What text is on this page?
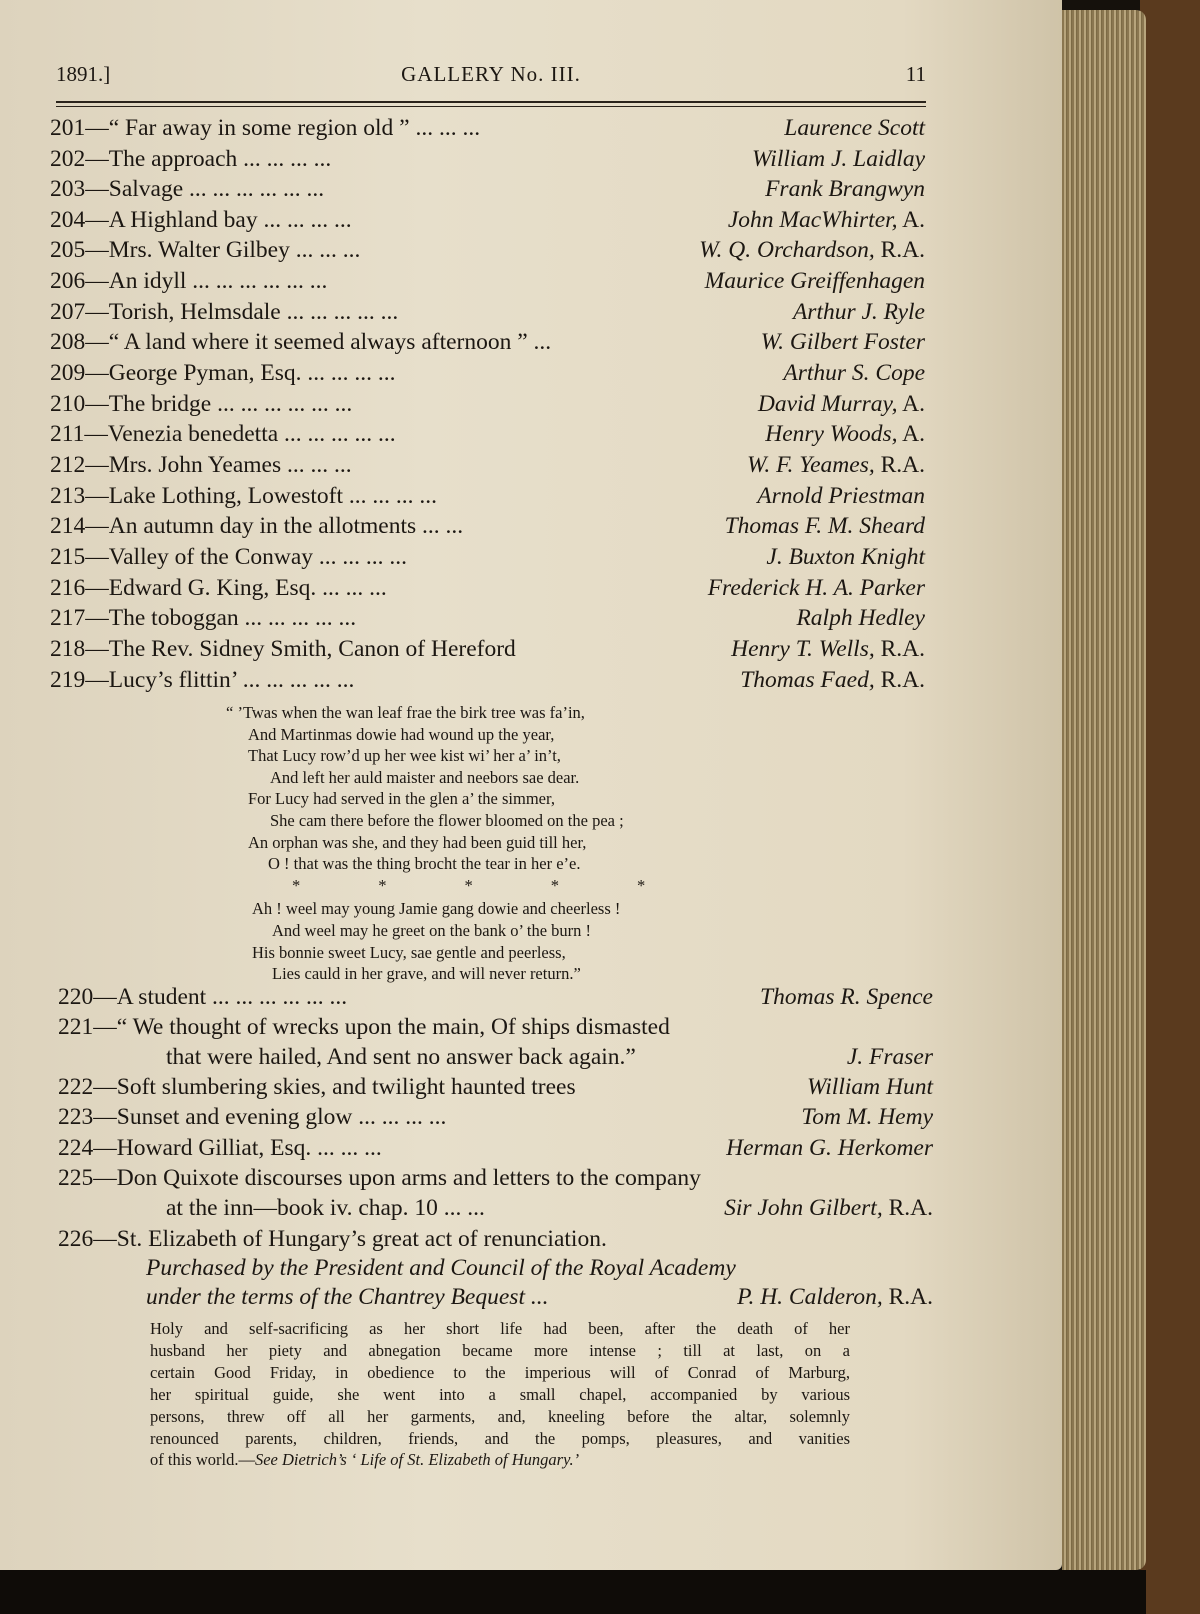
1891.]	GALLERY No. III.	11
201—“ Far away in some region old ” ... ... ...	Laurence Scott
202—The approach ... ... ... ...	William J. Laidlay
203—Salvage ... ... ... ... ... ...	Frank Brangwyn
204—A Highland bay ... ... ... ...	John MacWhirter, A.
205—Mrs. Walter Gilbey ... ... ...	W. Q. Orchardson, R.A.
206—An idyll ... ... ... ... ... ...	Maurice Greiffenhagen
207—Torish, Helmsdale ... ... ... ... ...	Arthur J. Ryle
208—“ A land where it seemed always afternoon ” ...	W. Gilbert Foster
209—George Pyman, Esq. ... ... ... ...	Arthur S. Cope
210—The bridge ... ... ... ... ... ...	David Murray, A.
211—Venezia benedetta ... ... ... ... ...	Henry Woods, A.
212—Mrs. John Yeames ... ... ...	W. F. Yeames, R.A.
213—Lake Lothing, Lowestoft ... ... ... ...	Arnold Priestman
214—An autumn day in the allotments ... ...	Thomas F. M. Sheard
215—Valley of the Conway ... ... ... ...	J. Buxton Knight
216—Edward G. King, Esq. ... ... ...	Frederick H. A. Parker
217—The toboggan ... ... ... ... ...	Ralph Hedley
218—The Rev. Sidney Smith, Canon of Hereford	Henry T. Wells, R.A.
219—Lucy’s flittin’ ... ... ... ... ...	Thomas Faed, R.A.
“ ’Twas when the wan leaf frae the birk tree was fa’in,
And Martinmas dowie had wound up the year,
That Lucy row’d up her wee kist wi’ her a’ in’t,
And left her auld maister and neebors sae dear.
For Lucy had served in the glen a’ the simmer,
She cam there before the flower bloomed on the pea ;
An orphan was she, and they had been guid till her,
O ! that was the thing brocht the tear in her e’e.
*	*	*	*	*
Ah ! weel may young Jamie gang dowie and cheerless !
And weel may he greet on the bank o’ the burn !
His bonnie sweet Lucy, sae gentle and peerless,
Lies cauld in her grave, and will never return.”
220—A student ... ... ... ... ... ...	Thomas R. Spence
221—“ We thought of wrecks upon the main, Of ships dismasted
that were hailed, And sent no answer back again.”	J. Fraser
222—Soft slumbering skies, and twilight haunted trees	William Hunt
223—Sunset and evening glow ... ... ... ...	Tom M. Hemy
224—Howard Gilliat, Esq. ... ... ...	Herman G. Herkomer
225—Don Quixote discourses upon arms and letters to the company
at the inn—book iv. chap. 10 ... ...	Sir John Gilbert, R.A.
226—St. Elizabeth of Hungary’s great act of renunciation.
Purchased by the President and Council of the Royal Academy
under the terms of the Chantrey Bequest ...	P. H. Calderon, R.A.
Holy and self-sacrificing as her short life had been, after the death of her
husband her piety and abnegation became more intense ; till at last, on a
certain Good Friday, in obedience to the imperious will of Conrad of Marburg,
her spiritual guide, she went into a small chapel, accompanied by various
persons, threw off all her garments, and, kneeling before the altar, solemnly
renounced parents, children, friends, and the pomps, pleasures, and vanities
of this world.—See Dietrich’s ‘ Life of St. Elizabeth of Hungary.’
